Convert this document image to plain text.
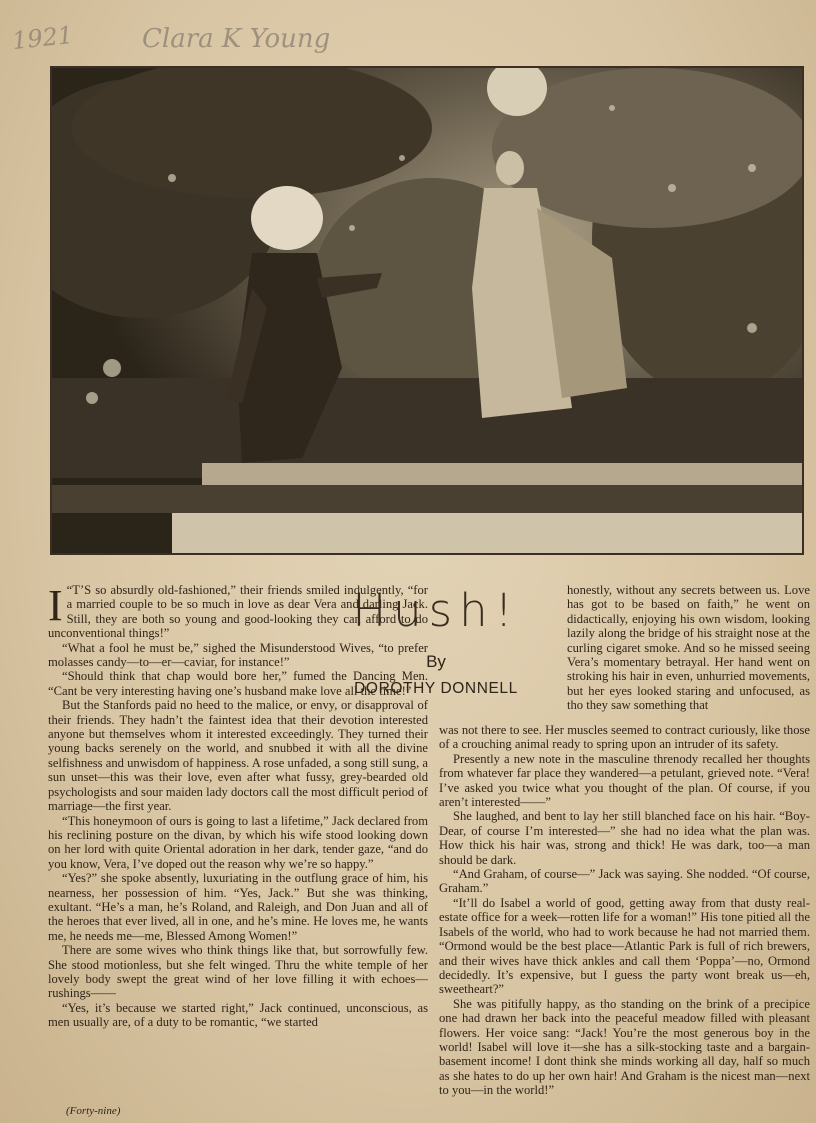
1921	Clara K Young

I “T’S so absurdly old-fashioned,” their friends smiled indulgently, “for a married couple to be so much in love as dear Vera and darling Jack. Still, they are both so young and good-looking they can afford to do unconventional things!”

“What a fool he must be,” sighed the Misunderstood Wives, “to prefer molasses candy—to—er—caviar, for instance!”

“Should think that chap would bore her,” fumed the Dancing Men. “Cant be very interesting having one’s husband make love all the time!”

But the Stanfords paid no heed to the malice, or envy, or disapproval of their friends. They hadn’t the faintest idea that their devotion interested anyone but themselves whom it interested exceedingly. They turned their young backs serenely on the world, and snubbed it with all the divine selfishness and unwisdom of happiness. A rose unfaded, a song still sung, a sun unset—this was their love, even after what fussy, grey-bearded old psychologists and sour maiden lady doctors call the most difficult period of marriage—the first year.

“This honeymoon of ours is going to last a lifetime,” Jack declared from his reclining posture on the divan, by which his wife stood looking down on her lord with quite Oriental adoration in her dark, tender gaze, “and do you know, Vera, I’ve doped out the reason why we’re so happy.”

“Yes?” she spoke absently, luxuriating in the outflung grace of him, his nearness, her possession of him. “Yes, Jack.” But she was thinking, exultant. “He’s a man, he’s Roland, and Raleigh, and Don Juan and all of the heroes that ever lived, all in one, and he’s mine. He loves me, he wants me, he needs me—me, Blessed Among Women!”

There are some wives who think things like that, but sorrowfully few. She stood motionless, but she felt winged. Thru the white temple of her lovely body swept the great wind of her love filling it with echoes—rushings——

“Yes, it’s because we started right,” Jack continued, unconscious, as men usually are, of a duty to be romantic, “we started

Hush!
By
DOROTHY DONNELL

honestly, without any secrets between us. Love has got to be based on faith,” he went on didactically, enjoying his own wisdom, looking lazily along the bridge of his straight nose at the curling cigaret smoke. And so he missed seeing Vera’s momentary betrayal. Her hand went on stroking his hair in even, unhurried movements, but her eyes looked staring and unfocused, as tho they saw something that

was not there to see. Her muscles seemed to contract curiously, like those of a crouching animal ready to spring upon an intruder of its safety.

Presently a new note in the masculine threnody recalled her thoughts from whatever far place they wandered—a petulant, grieved note. “Vera! I’ve asked you twice what you thought of the plan. Of course, if you aren’t interested——”

She laughed, and bent to lay her still blanched face on his hair. “Boy-Dear, of course I’m interested—” she had no idea what the plan was. How thick his hair was, strong and thick! He was dark, too—a man should be dark.

“And Graham, of course—” Jack was saying. She nodded. “Of course, Graham.”

“It’ll do Isabel a world of good, getting away from that dusty real-estate office for a week—rotten life for a woman!” His tone pitied all the Isabels of the world, who had to work because he had not married them. “Ormond would be the best place—Atlantic Park is full of rich brewers, and their wives have thick ankles and call them ‘Poppa’—no, Ormond decidedly. It’s expensive, but I guess the party wont break us—eh, sweetheart?”

She was pitifully happy, as tho standing on the brink of a precipice one had drawn her back into the peaceful meadow filled with pleasant flowers. Her voice sang: “Jack! You’re the most generous boy in the world! Isabel will love it—she has a silk-stocking taste and a bargain-basement income! I dont think she minds working all day, half so much as she hates to do up her own hair! And Graham is the nicest man—next to you—in the world!”

(Forty-nine)
